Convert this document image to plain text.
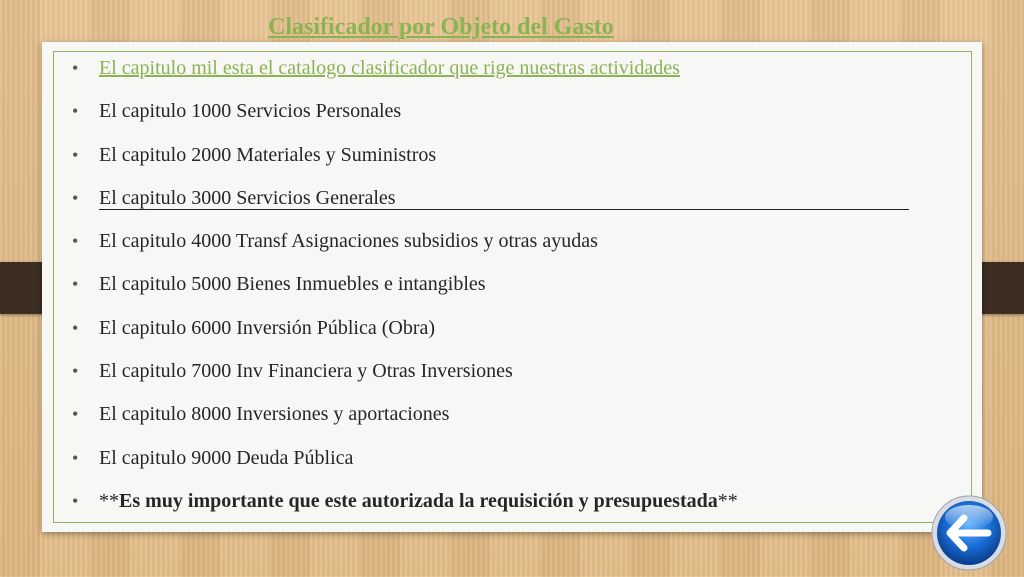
Clasificador por Objeto del Gasto
• El capitulo mil esta el catalogo clasificador que rige nuestras actividades
• El capitulo 1000 Servicios Personales
• El capitulo 2000 Materiales y Suministros
• El capitulo 3000 Servicios Generales
• El capitulo 4000 Transf Asignaciones subsidios y otras ayudas
• El capitulo 5000 Bienes Inmuebles e intangibles
• El capitulo 6000 Inversión Pública (Obra)
• El capitulo 7000 Inv Financiera y Otras Inversiones
• El capitulo 8000 Inversiones y aportaciones
• El capitulo 9000 Deuda Pública
• **Es muy importante que este autorizada la requisición y presupuestada**
